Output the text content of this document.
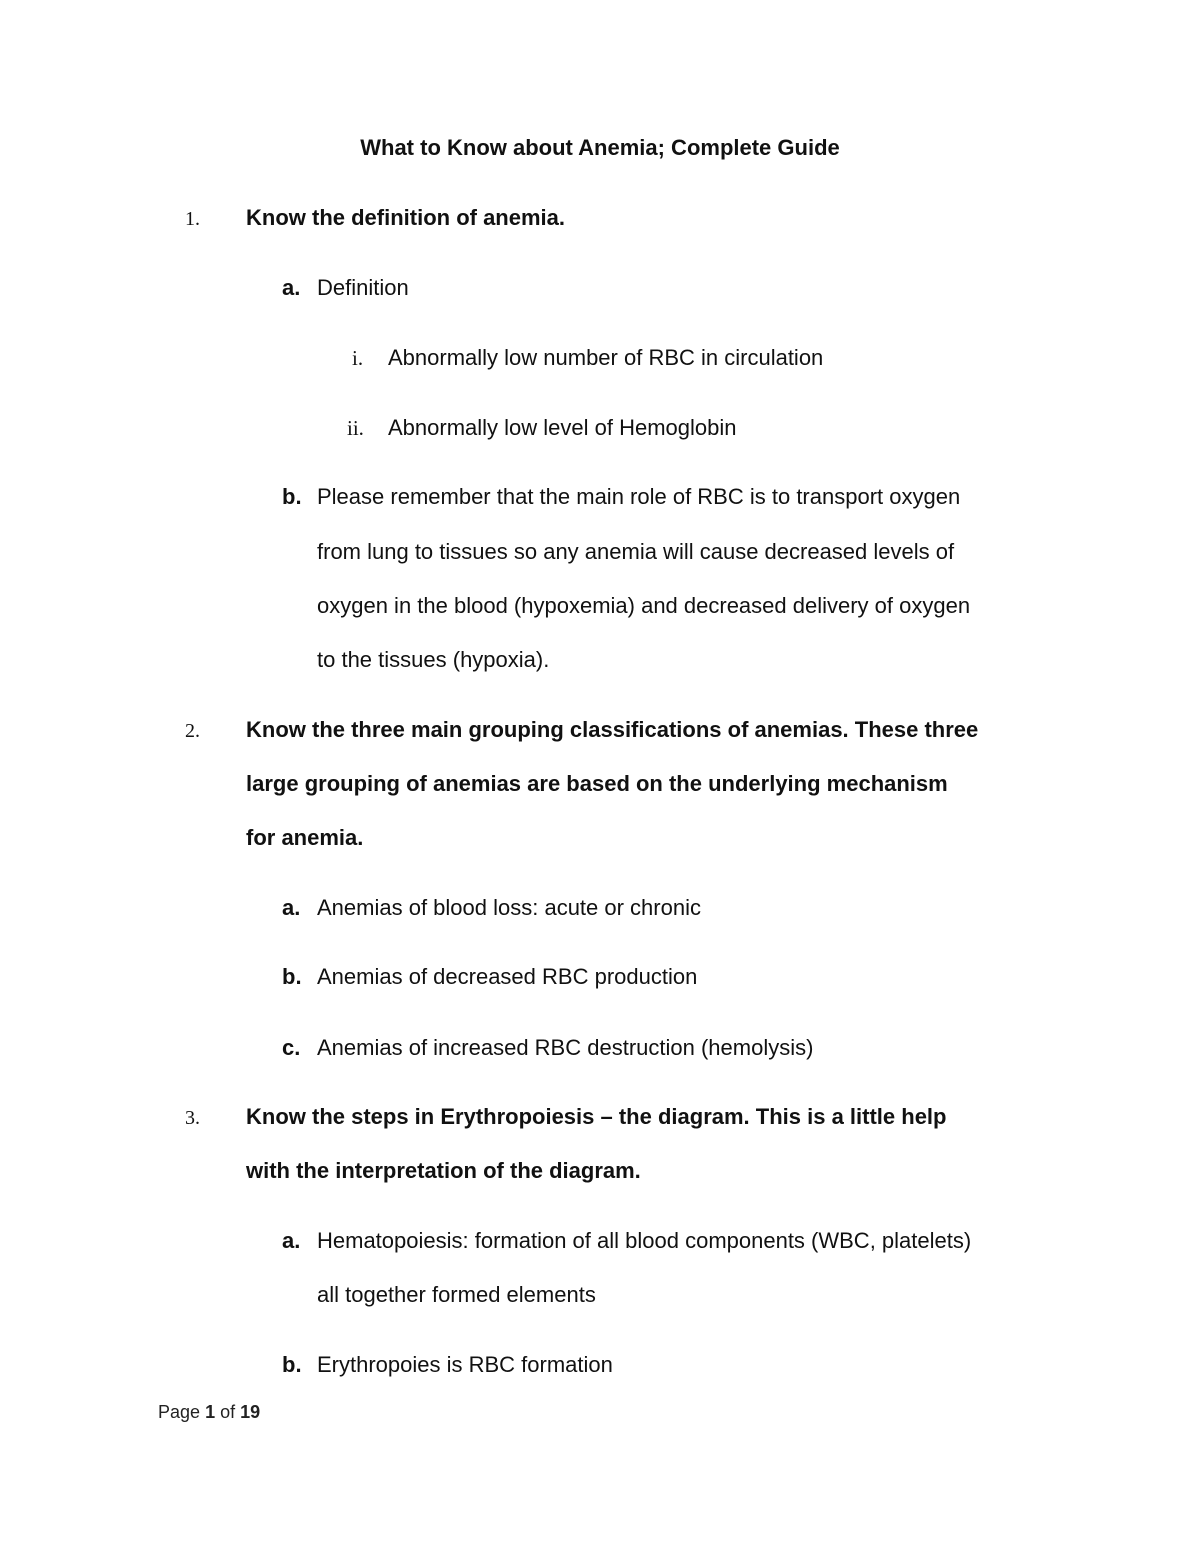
What to Know about Anemia; Complete Guide
1. Know the definition of anemia.
a. Definition
i. Abnormally low number of RBC in circulation
ii. Abnormally low level of Hemoglobin
b. Please remember that the main role of RBC is to transport oxygen
from lung to tissues so any anemia will cause decreased levels of
oxygen in the blood (hypoxemia) and decreased delivery of oxygen
to the tissues (hypoxia).
2. Know the three main grouping classifications of anemias. These three
large grouping of anemias are based on the underlying mechanism
for anemia.
a. Anemias of blood loss: acute or chronic
b. Anemias of decreased RBC production
c. Anemias of increased RBC destruction (hemolysis)
3. Know the steps in Erythropoiesis – the diagram. This is a little help
with the interpretation of the diagram.
a. Hematopoiesis: formation of all blood components (WBC, platelets)
all together formed elements
b. Erythropoies is RBC formation
Page 1 of 19
